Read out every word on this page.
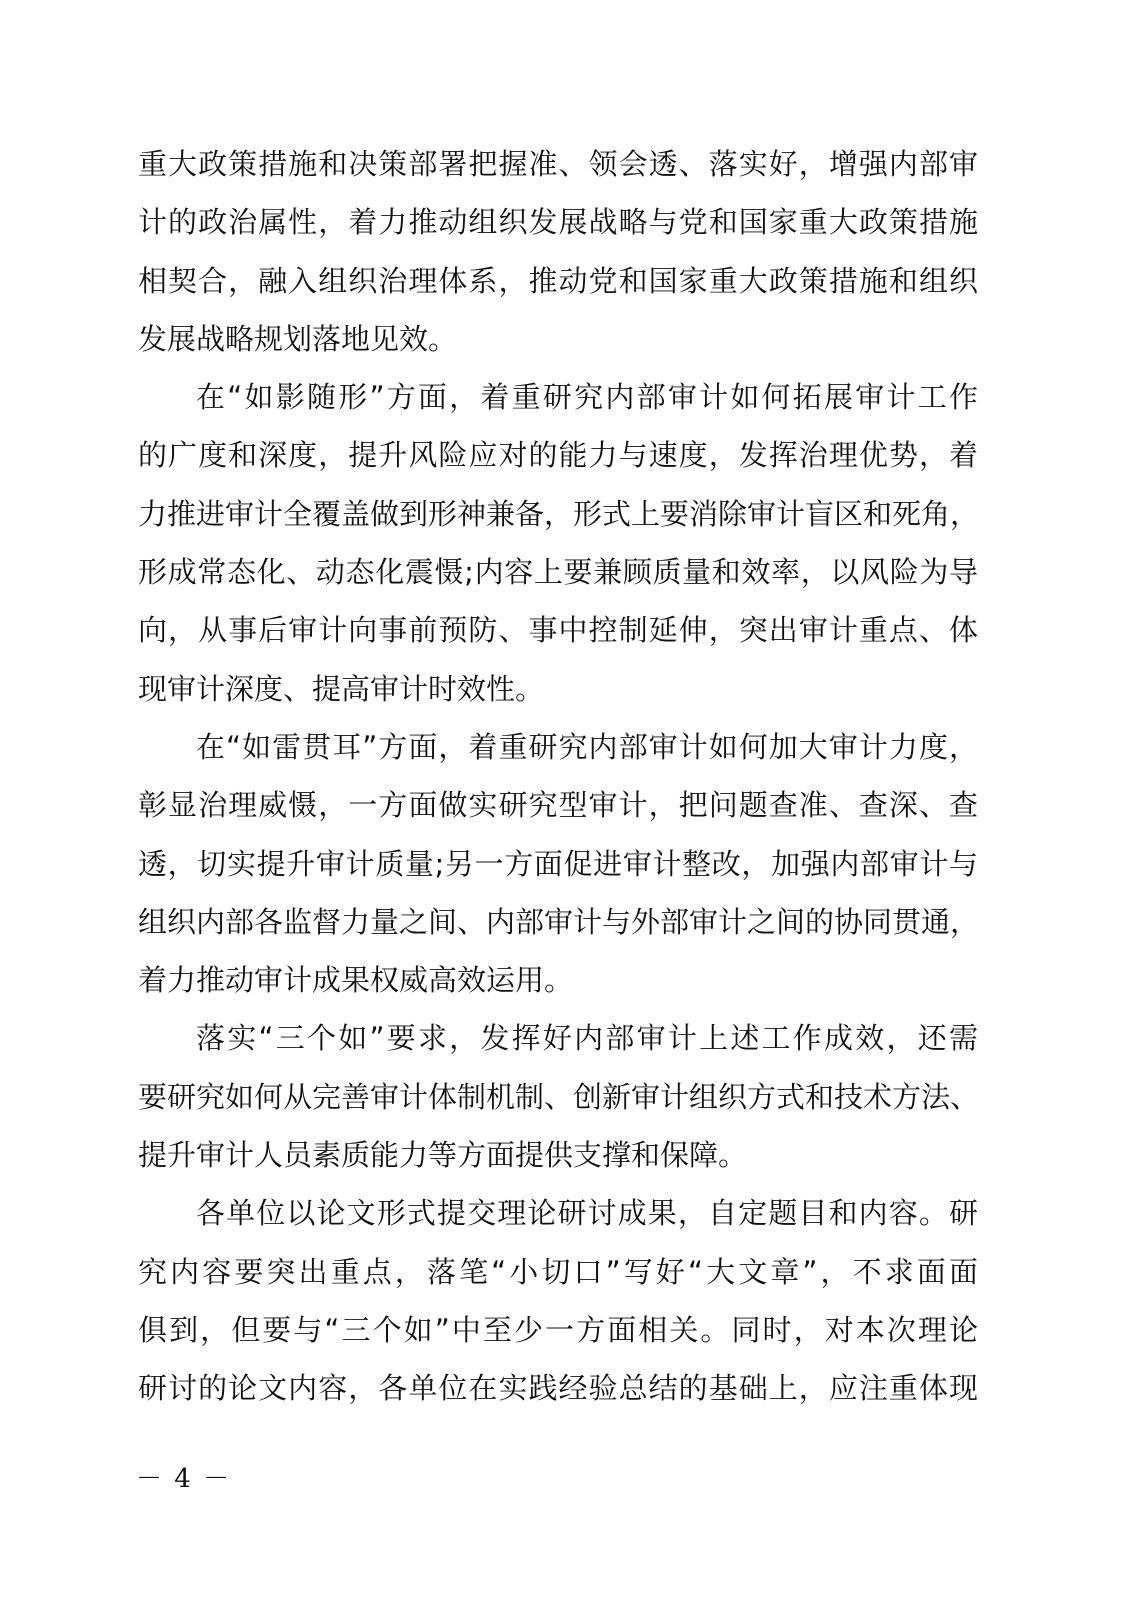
重大政策措施和决策部署把握准、领会透、落实好，增强内部审
计的政治属性，着力推动组织发展战略与党和国家重大政策措施
相契合，融入组织治理体系，推动党和国家重大政策措施和组织
发展战略规划落地见效。
在“如影随形”方面，着重研究内部审计如何拓展审计工作
的广度和深度，提升风险应对的能力与速度，发挥治理优势，着
力推进审计全覆盖做到形神兼备，形式上要消除审计盲区和死角，
形成常态化、动态化震慑;内容上要兼顾质量和效率，以风险为导
向，从事后审计向事前预防、事中控制延伸，突出审计重点、体
现审计深度、提高审计时效性。
在“如雷贯耳”方面，着重研究内部审计如何加大审计力度，
彰显治理威慑，一方面做实研究型审计，把问题查准、查深、查
透，切实提升审计质量;另一方面促进审计整改，加强内部审计与
组织内部各监督力量之间、内部审计与外部审计之间的协同贯通，
着力推动审计成果权威高效运用。
落实“三个如”要求，发挥好内部审计上述工作成效，还需
要研究如何从完善审计体制机制、创新审计组织方式和技术方法、
提升审计人员素质能力等方面提供支撑和保障。
各单位以论文形式提交理论研讨成果，自定题目和内容。研
究内容要突出重点，落笔“小切口”写好“大文章”，不求面面
俱到，但要与“三个如”中至少一方面相关。同时，对本次理论
研讨的论文内容，各单位在实践经验总结的基础上，应注重体现
－ 4 －
